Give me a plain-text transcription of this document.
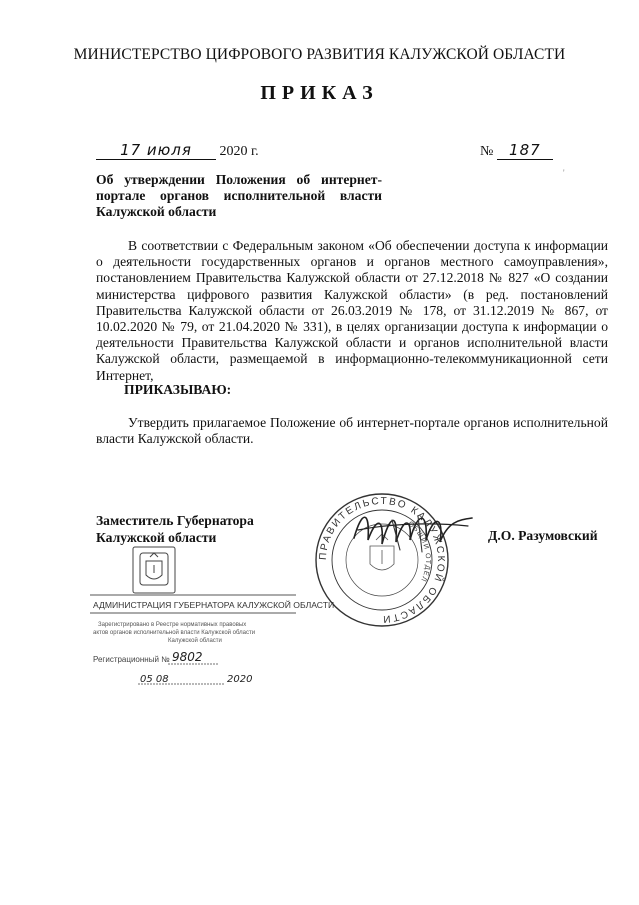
МИНИСТЕРСТВО ЦИФРОВОГО РАЗВИТИЯ КАЛУЖСКОЙ ОБЛАСТИ
ПРИКАЗ
17 июля 2020 г.	№ 187
'
Об утверждении Положения об интернет-портале органов исполнительной власти Калужской области
В соответствии с Федеральным законом «Об обеспечении доступа к информации о деятельности государственных органов и органов местного самоуправления», постановлением Правительства Калужской области от 27.12.2018 № 827 «О создании министерства цифрового развития Калужской области» (в ред. постановлений Правительства Калужской области от 26.03.2019 № 178, от 31.12.2019 № 867, от 10.02.2020 № 79, от 21.04.2020 № 331), в целях организации доступа к информации о деятельности Правительства Калужской области и органов исполнительной власти Калужской области, размещаемой в информационно-телекоммуникационной сети Интернет,
ПРИКАЗЫВАЮ:
Утвердить прилагаемое Положение об интернет-портале органов исполнительной власти Калужской области.
Заместитель Губернатора
Калужской области	Д.О. Разумовский
АДМИНИСТРАЦИЯ ГУБЕРНАТОРА КАЛУЖСКОЙ ОБЛАСТИ
Зарегистрировано в Реестре нормативных правовых
актов органов исполнительной власти Калужской области
Калужской области
Регистрационный № 9802
05 08	2020
ПРАВИТЕЛЬСТВО КАЛУЖСКОЙ ОБЛАСТИ
ОБЩИЙ ОТДЕЛ
